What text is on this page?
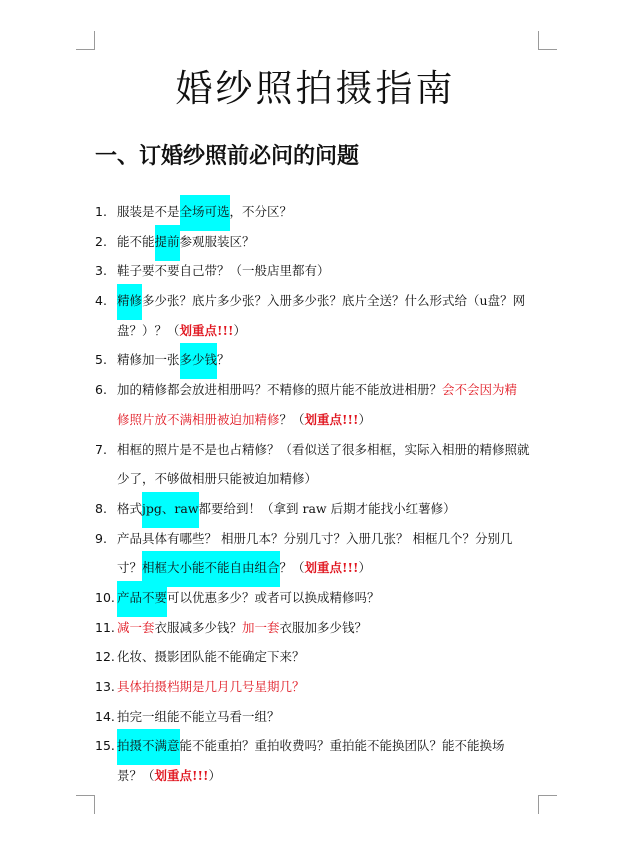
婚纱照拍摄指南
一、订婚纱照前必问的问题
1. 服装是不是全场可选，不分区？
2. 能不能提前参观服装区？
3. 鞋子要不要自己带？（一般店里都有）
4. 精修多少张？底片多少张？入册多少张？底片全送？什么形式给（u盘？网
盘？）？（划重点!!!）
5. 精修加一张多少钱？
6. 加的精修都会放进相册吗？不精修的照片能不能放进相册？会不会因为精
修照片放不满相册被迫加精修？（划重点!!!）
7. 相框的照片是不是也占精修？（看似送了很多相框，实际入相册的精修照就
少了，不够做相册只能被迫加精修）
8. 格式jpg、raw都要给到！（拿到 raw 后期才能找小红薯修）
9. 产品具体有哪些？ 相册几本？分别几寸？入册几张？ 相框几个？分别几
寸？相框大小能不能自由组合？（划重点!!!）
10. 产品不要可以优惠多少？或者可以换成精修吗？
11. 减一套衣服减多少钱？加一套衣服加多少钱？
12. 化妆、摄影团队能不能确定下来？
13. 具体拍摄档期是几月几号星期几？
14. 拍完一组能不能立马看一组？
15. 拍摄不满意能不能重拍？重拍收费吗？重拍能不能换团队？能不能换场
景？（划重点!!!）
